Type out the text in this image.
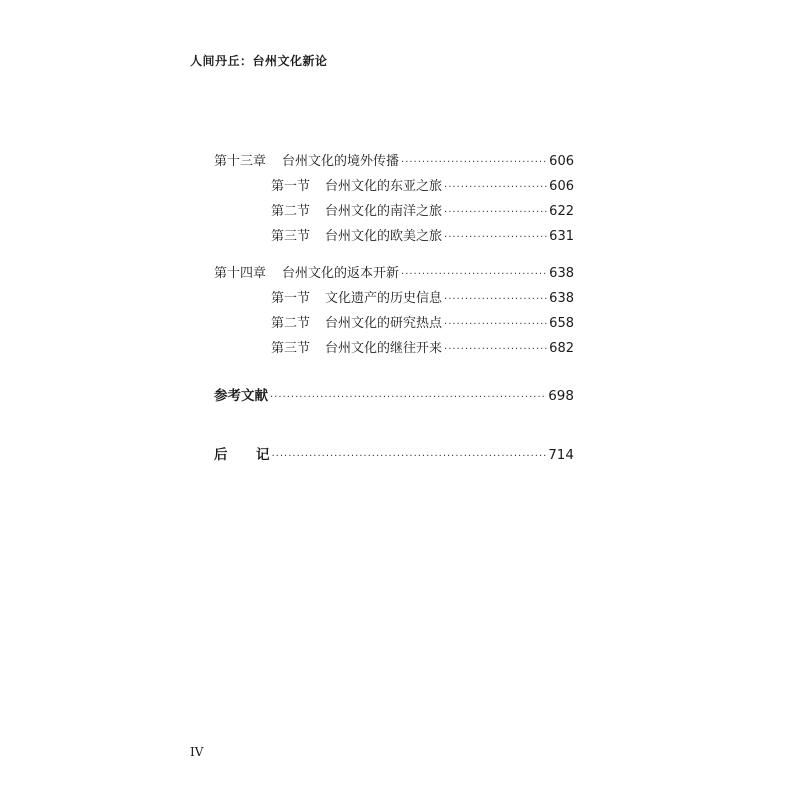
人间丹丘：台州文化新论
第十三章	台州文化的境外传播 ·····	606
第一节	台州文化的东亚之旅 ·····	606
第二节	台州文化的南洋之旅 ·····	622
第三节	台州文化的欧美之旅 ·····	631
第十四章	台州文化的返本开新 ·····	638
第一节	文化遗产的历史信息 ·····	638
第二节	台州文化的研究热点 ·····	658
第三节	台州文化的继往开来 ·····	682
参考文献 ·····	698
后	记 ·····	714
IV
